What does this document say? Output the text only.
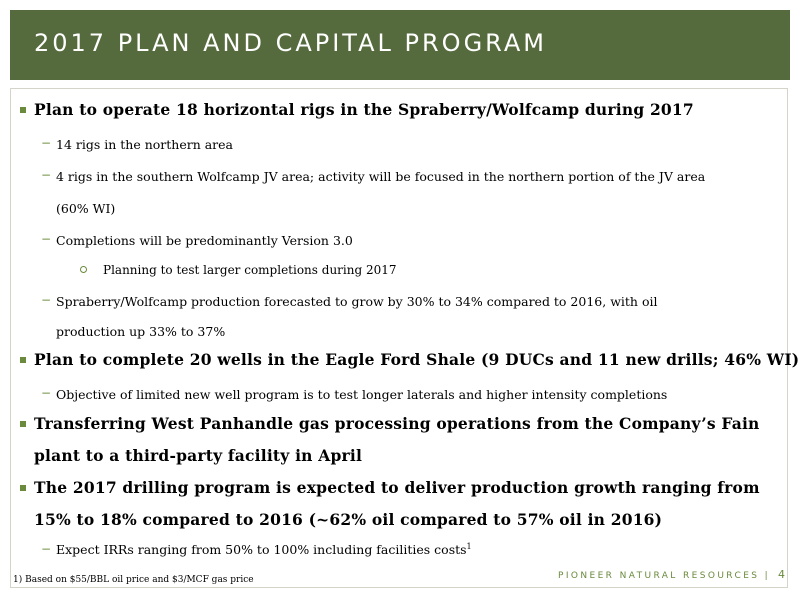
2017 PLAN AND CAPITAL PROGRAM
Plan to operate 18 horizontal rigs in the Spraberry/Wolfcamp during 2017
− 14 rigs in the northern area
− 4 rigs in the southern Wolfcamp JV area; activity will be focused in the northern portion of the JV area
(60% WI)
− Completions will be predominantly Version 3.0
Planning to test larger completions during 2017
− Spraberry/Wolfcamp production forecasted to grow by 30% to 34% compared to 2016, with oil
production up 33% to 37%
Plan to complete 20 wells in the Eagle Ford Shale (9 DUCs and 11 new drills; 46% WI)
− Objective of limited new well program is to test longer laterals and higher intensity completions
Transferring West Panhandle gas processing operations from the Company’s Fain
plant to a third-party facility in April
The 2017 drilling program is expected to deliver production growth ranging from
15% to 18% compared to 2016 (~62% oil compared to 57% oil in 2016)
− Expect IRRs ranging from 50% to 100% including facilities costs$^1$
1) Based on $55/BBL oil price and $3/MCF gas price	PIONEER NATURAL RESOURCES | 4
